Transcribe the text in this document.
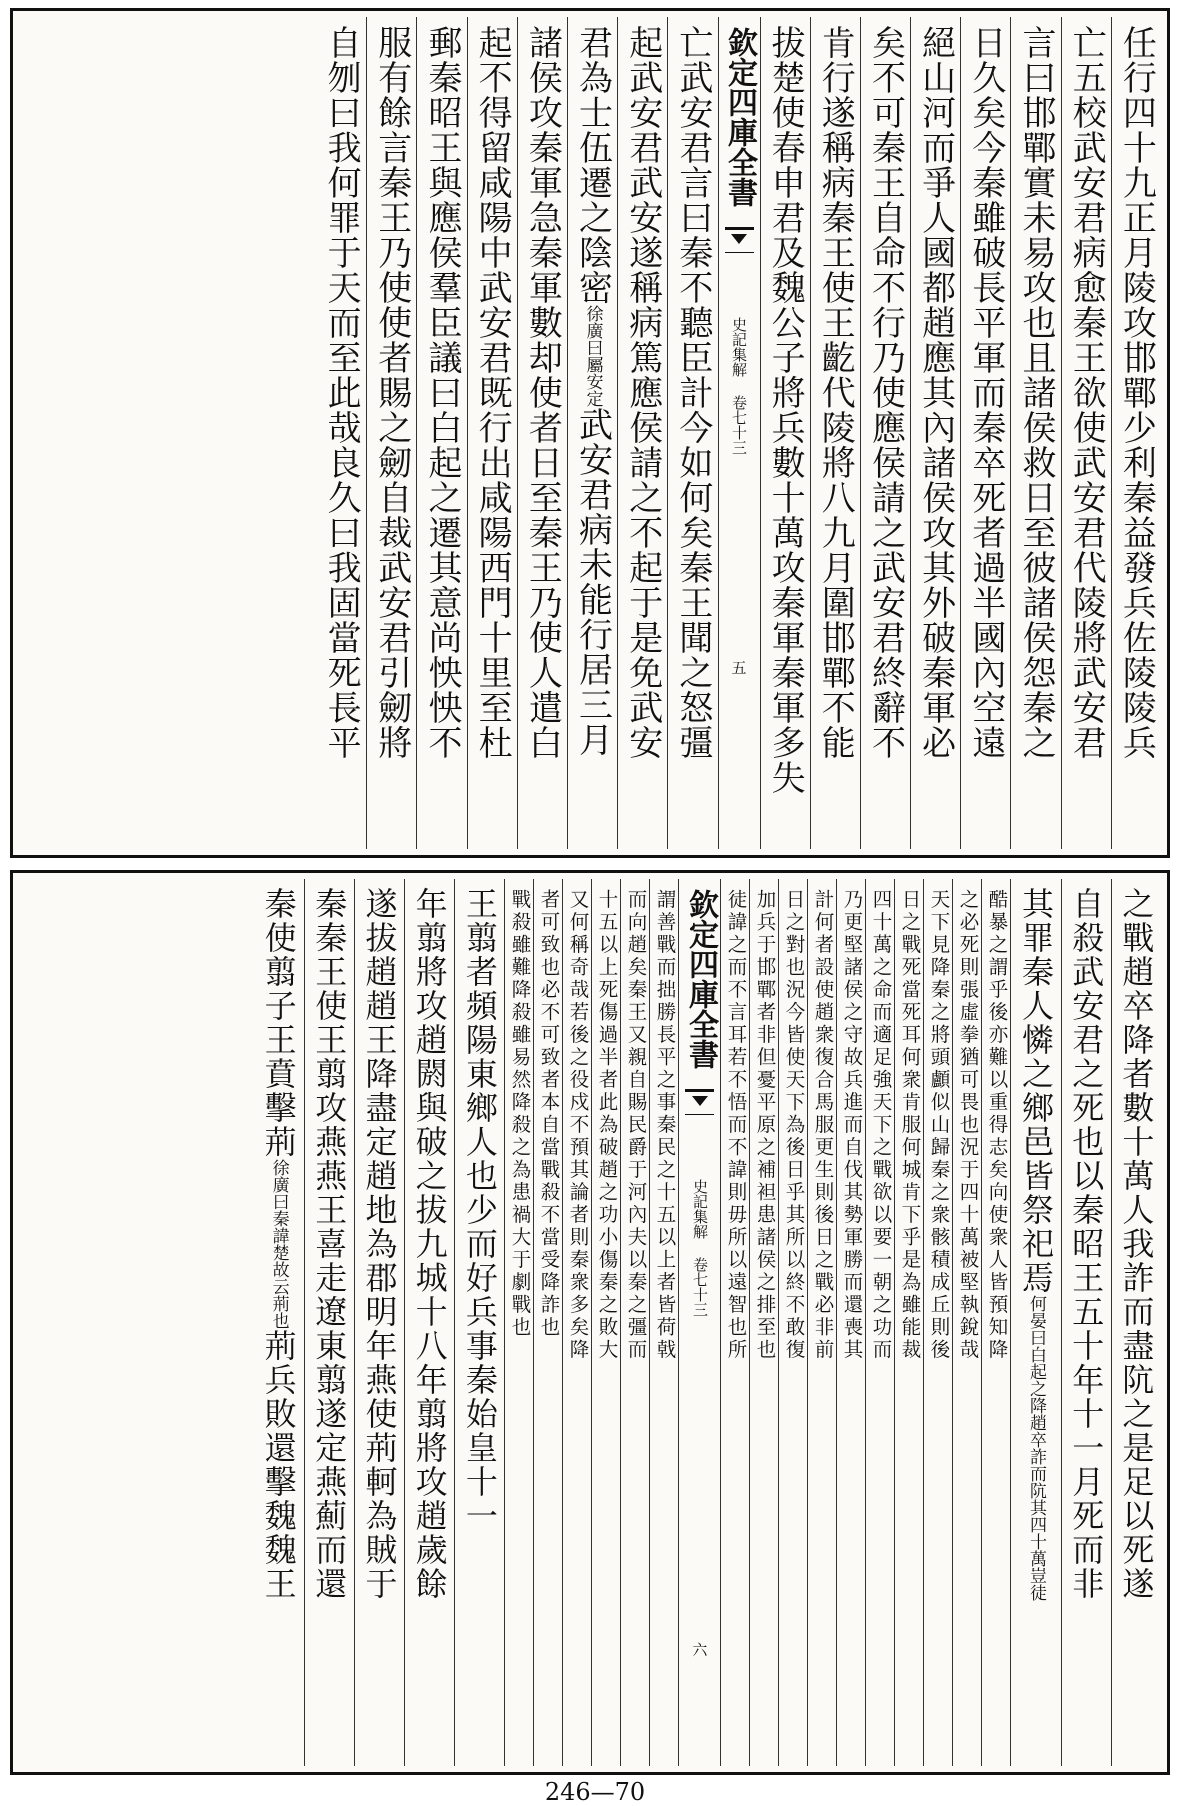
任行四十九正月陵攻邯鄲少利秦益發兵佐陵陵兵
亡五校武安君病愈秦王欲使武安君代陵將武安君
言曰邯鄲實未易攻也且諸侯救日至彼諸侯怨秦之
日久矣今秦雖破長平軍而秦卒死者過半國內空遠
絕山河而爭人國都趙應其內諸侯攻其外破秦軍必
矣不可秦王自命不行乃使應侯請之武安君終辭不
肯行遂稱病秦王使王齕代陵將八九月圍邯鄲不能
拔楚使春申君及魏公子將兵數十萬攻秦軍秦軍多失
欽定四庫全書
史記集解 卷七十三
五
亡武安君言曰秦不聽臣計今如何矣秦王聞之怒彊
起武安君武安遂稱病篤應侯請之不起于是免武安
君為士伍遷之陰密徐廣曰屬安定武安君病未能行居三月
諸侯攻秦軍急秦軍數却使者日至秦王乃使人遣白
起不得留咸陽中武安君既行出咸陽西門十里至杜
郵秦昭王與應侯羣臣議曰白起之遷其意尚怏怏不
服有餘言秦王乃使使者賜之劒自裁武安君引劒將
自刎曰我何罪于天而至此哉良久曰我固當死長平
之戰趙卒降者數十萬人我詐而盡阬之是足以死遂
自殺武安君之死也以秦昭王五十年十一月死而非
其罪秦人憐之鄉邑皆祭祀焉何晏曰白起之降趙卒詐而阬其四十萬豈徒
酷暴之謂乎後亦難以重得志矣向使衆人皆預知降
之必死則張虛拳猶可畏也況于四十萬被堅執銳哉
天下見降秦之將頭顱似山歸秦之衆骸積成丘則後
日之戰死當死耳何衆肯服何城肯下乎是為雖能裁
四十萬之命而適足強天下之戰欲以要一朝之功而
乃更堅諸侯之守故兵進而自伐其勢軍勝而還喪其
計何者設使趙衆復合馬服更生則後日之戰必非前
日之對也況今皆使天下為後日乎其所以終不敢復
加兵于邯鄲者非但憂平原之補袒患諸侯之排至也
徒諱之而不言耳若不悟而不諱則毋所以遠智也所
欽定四庫全書
史記集解 卷七十三
六
謂善戰而拙勝長平之事秦民之十五以上者皆荷戟
而向趙矣秦王又親自賜民爵于河內夫以秦之彊而
十五以上死傷過半者此為破趙之功小傷秦之敗大
又何稱奇哉若後之役戍不預其論者則秦衆多矣降
者可致也必不可致者本自當戰殺不當受降詐也
戰殺雖難降殺雖易然降殺之為患禍大于劇戰也
王翦者頻陽東鄉人也少而好兵事秦始皇十一
年翦將攻趙閼與破之拔九城十八年翦將攻趙歲餘
遂拔趙趙王降盡定趙地為郡明年燕使荊軻為賊于
秦秦王使王翦攻燕燕王喜走遼東翦遂定燕薊而還
秦使翦子王賁擊荊徐廣曰秦諱楚故云荊也荊兵敗還擊魏魏王
246—70
